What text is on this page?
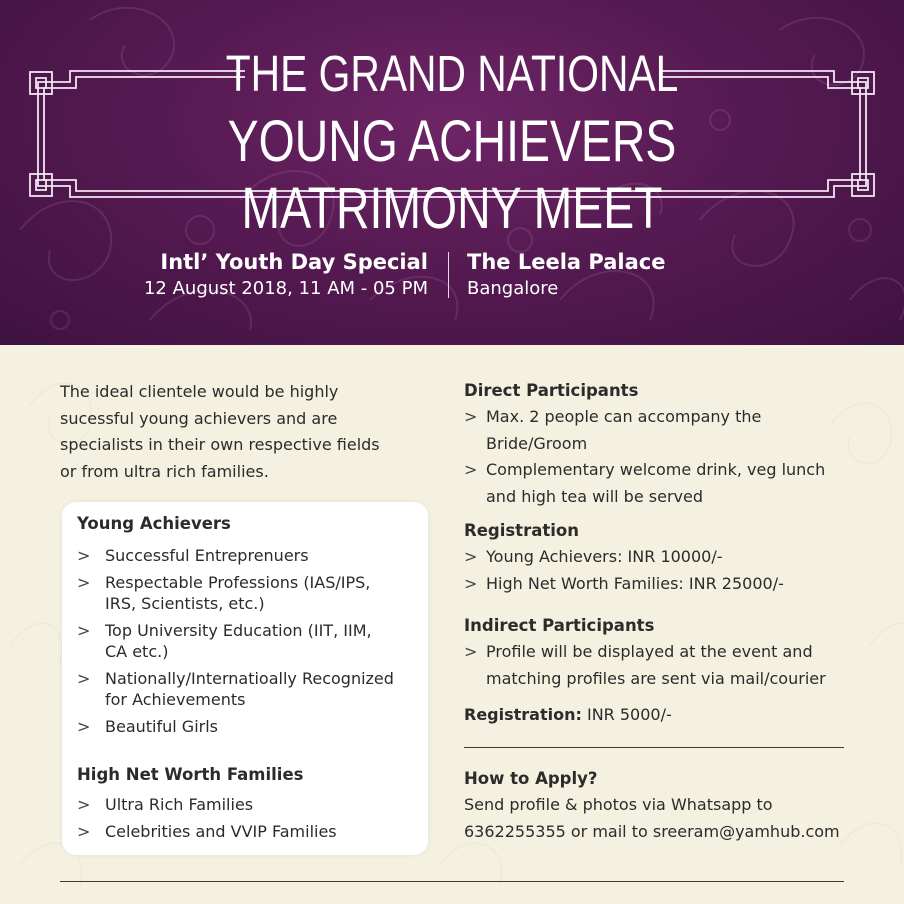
THE GRAND NATIONAL
YOUNG ACHIEVERS MATRIMONY MEET
Intl’ Youth Day Special
12 August 2018, 11 AM - 05 PM
The Leela Palace
Bangalore
The ideal clientele would be highly
sucessful young achievers and are
specialists in their own respective fields
or from ultra rich families.
Young Achievers
> Successful Entreprenuers
> Respectable Professions (IAS/IPS,
IRS, Scientists, etc.)
> Top University Education (IIT, IIM,
CA etc.)
> Nationally/Internatioally Recognized
for Achievements
> Beautiful Girls
High Net Worth Families
> Ultra Rich Families
> Celebrities and VVIP Families
Direct Participants
> Max. 2 people can accompany the
Bride/Groom
> Complementary welcome drink, veg lunch
and high tea will be served
Registration
> Young Achievers: INR 10000/-
> High Net Worth Families: INR 25000/-
Indirect Participants
> Profile will be displayed at the event and
matching profiles are sent via mail/courier
Registration: INR 5000/-
How to Apply?
Send profile & photos via Whatsapp to
6362255355 or mail to sreeram@yamhub.com
